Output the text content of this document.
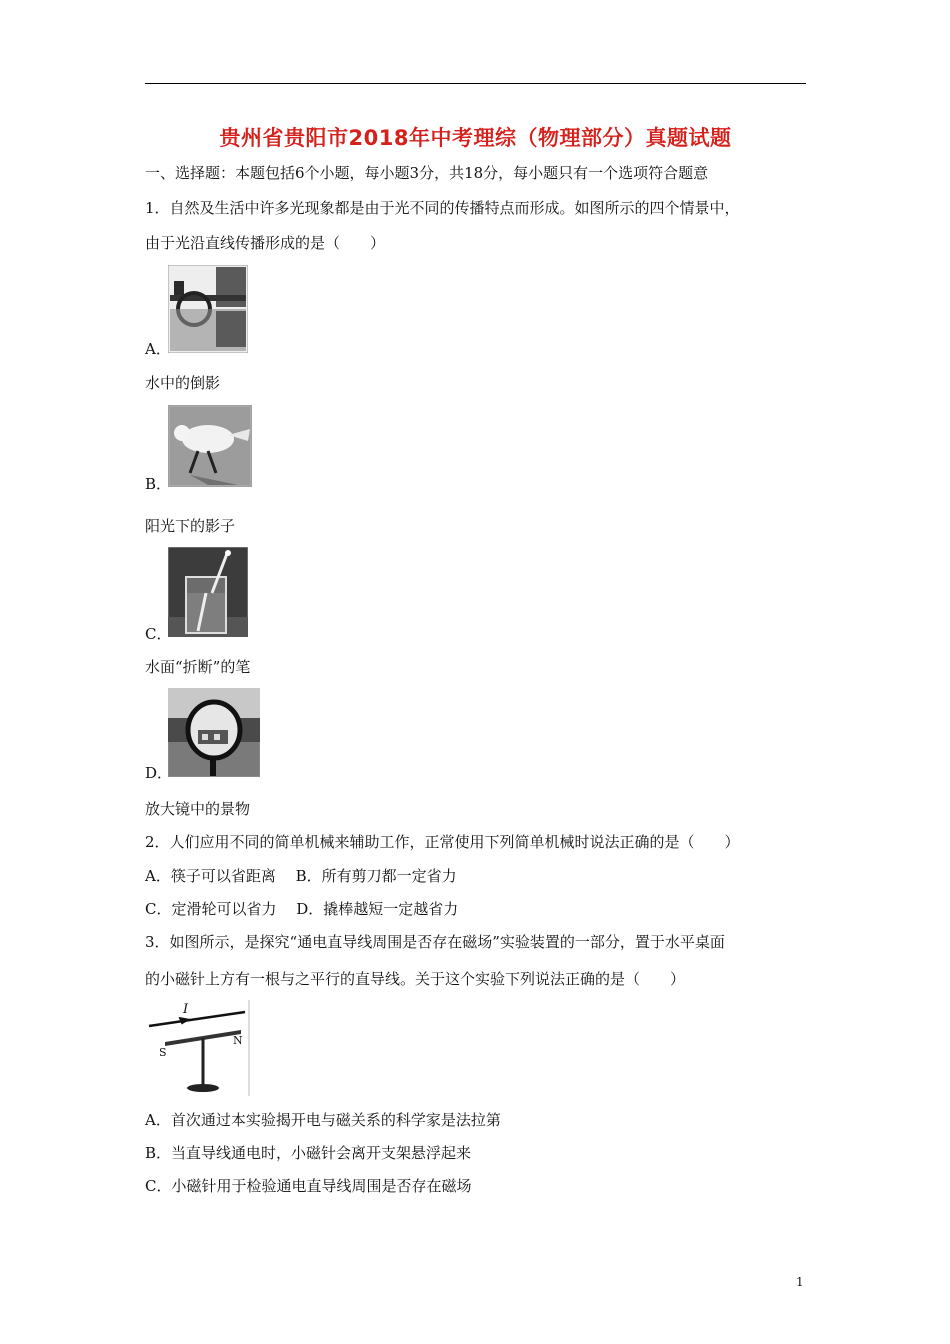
贵州省贵阳市2018年中考理综（物理部分）真题试题
一、选择题：本题包括6个小题，每小题3分，共18分，每小题只有一个选项符合题意
1．自然及生活中许多光现象都是由于光不同的传播特点而形成。如图所示的四个情景中，
由于光沿直线传播形成的是（　　）
A．
水中的倒影
B．
阳光下的影子
C．
水面“折断”的笔
D．
放大镜中的景物
2．人们应用不同的简单机械来辅助工作，正常使用下列简单机械时说法正确的是（　　）
A．筷子可以省距离　 B．所有剪刀都一定省力
C．定滑轮可以省力　 D．撬棒越短一定越省力
3．如图所示，是探究“通电直导线周围是否存在磁场”实验装置的一部分，置于水平桌面
的小磁针上方有一根与之平行的直导线。关于这个实验下列说法正确的是（　　）
I
S
N
A．首次通过本实验揭开电与磁关系的科学家是法拉第
B．当直导线通电时，小磁针会离开支架悬浮起来
C．小磁针用于检验通电直导线周围是否存在磁场
1
